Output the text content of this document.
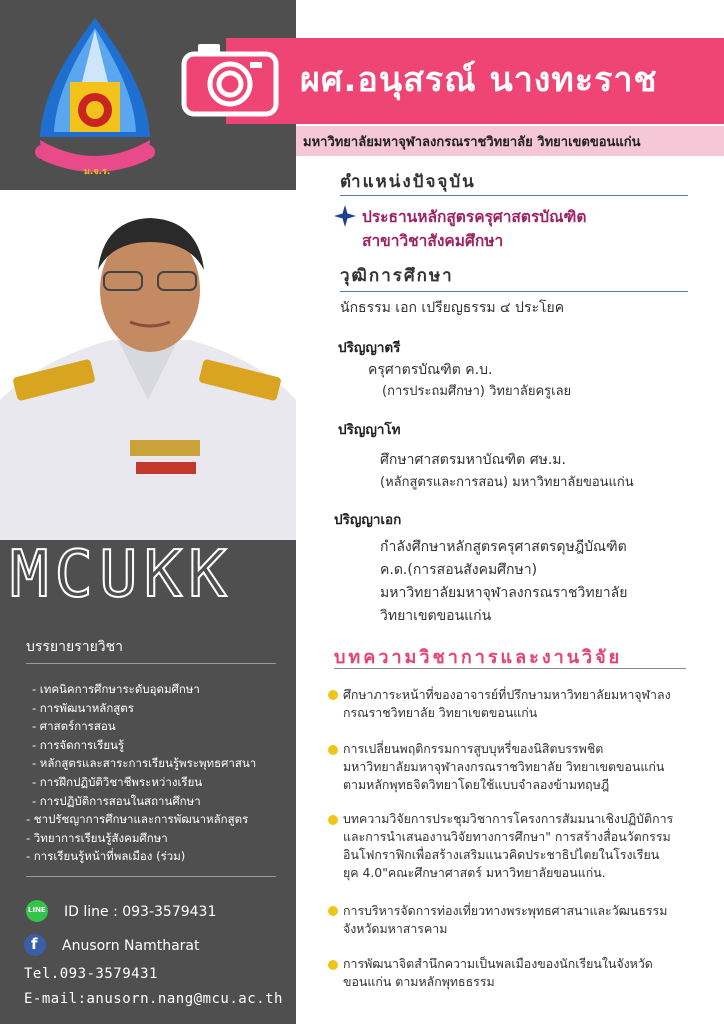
ม.จ.ร.
MCUKK
บรรยายรายวิชา
- เทคนิคการศึกษาระดับอุดมศึกษา
- การพัฒนาหลักสูตร
- ศาสตร์การสอน
- การจัดการเรียนรู้
- หลักสูตรและสาระการเรียนรู้พระพุทธศาสนา
- การฝึกปฏิบัติวิชาชีพระหว่างเรียน
- การปฏิบัติการสอนในสถานศึกษา
- ชาปรัชญาการศึกษาและการพัฒนาหลักสูตร
- วิทยาการเรียนรู้สังคมศึกษา
- การเรียนรู้หน้าที่พลเมือง (ร่วม)
LINE ID line : 093-3579431
f Anusorn Namtharat
Tel.093-3579431
E-mail:anusorn.nang@mcu.ac.th
ผศ.อนุสรณ์ นางทะราช
มหาวิทยาลัยมหาจุฬาลงกรณราชวิทยาลัย วิทยาเขตขอนแก่น
ตำแหน่งปัจจุบัน
ประธานหลักสูตรครุศาสตรบัณฑิต
สาขาวิชาสังคมศึกษา
วุฒิการศึกษา
นักธรรม เอก เปรียญธรรม ๔ ประโยค
ปริญญาตรี
ครุศาตรบัณฑิต ค.บ.
(การประถมศึกษา) วิทยาลัยครูเลย
ปริญญาโท
ศึกษาศาสตรมหาบัณฑิต ศษ.ม.
(หลักสูตรและการสอน) มหาวิทยาลัยขอนแก่น
ปริญญาเอก
กำลังศึกษาหลักสูตรครุศาสตรดุษฎีบัณฑิต
ค.ด.(การสอนสังคมศึกษา)
มหาวิทยาลัยมหาจุฬาลงกรณราชวิทยาลัย
วิทยาเขตขอนแก่น
บทความวิชาการและงานวิจัย
ศึกษาภาระหน้าที่ของอาจารย์ที่ปรึกษามหาวิทยาลัยมหาจุฬาลง
กรณราชวิทยาลัย วิทยาเขตขอนแก่น
การเปลี่ยนพฤติกรรมการสูบบุหรี่ของนิสิตบรรพชิต
มหาวิทยาลัยมหาจุฬาลงกรณราชวิทยาลัย วิทยาเขตขอนแก่น
ตามหลักพุทธจิตวิทยาโดยใช้แบบจำลองข้ามทฤษฎี
บทความวิจัยการประชุมวิชาการโครงการสัมมนาเชิงปฏิบัติการ
และการนำเสนองานวิจัยทางการศึกษา" การสร้างสื่อนวัตกรรม
อินโฟกราฟิกเพื่อสร้างเสริมแนวคิดประชาธิปไตยในโรงเรียน
ยุค 4.0"คณะศึกษาศาสตร์ มหาวิทยาลัยขอนแก่น.
การบริหารจัดการท่องเที่ยวทางพระพุทธศาสนาและวัฒนธรรม
จังหวัดมหาสารคาม
การพัฒนาจิตสำนึกความเป็นพลเมืองของนักเรียนในจังหวัด
ขอนแก่น ตามหลักพุทธธรรม
